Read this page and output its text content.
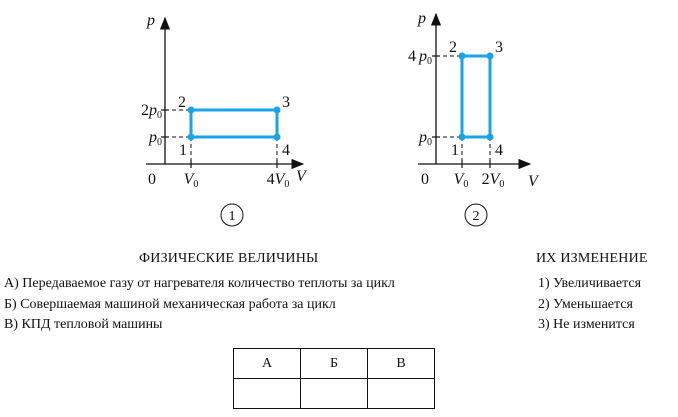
p
V
0
2p0
p0
V0	4V0
1
2	3
4
1
p
V
0
4 p0
p0
V0 2V0
1
2 3
4
2
ФИЗИЧЕСКИЕ ВЕЛИЧИНЫ	ИХ ИЗМЕНЕНИЕ
А) Передаваемое газу от нагревателя количество теплоты за цикл
Б) Совершаемая машиной механическая работа за цикл
В) КПД тепловой машины
1) Увеличивается
2) Уменьшается
3) Не изменится
А	Б	В
